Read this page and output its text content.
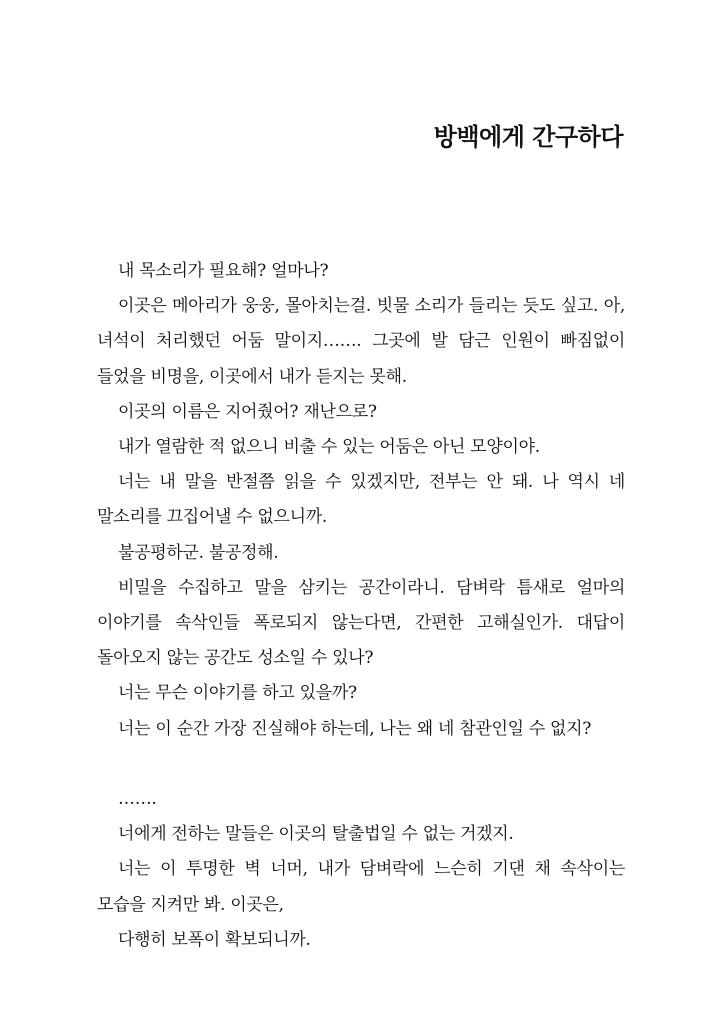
방백에게 간구하다

내 목소리가 필요해? 얼마나?

이곳은 메아리가 웅웅, 몰아치는걸. 빗물 소리가 들리는 듯도 싶고. 아, 녀석이 처리했던 어둠 말이지……. 그곳에 발 담근 인원이 빠짐없이 들었을 비명을, 이곳에서 내가 듣지는 못해.

이곳의 이름은 지어줬어? 재난으로?

내가 열람한 적 없으니 비출 수 있는 어둠은 아닌 모양이야.

너는 내 말을 반절쯤 읽을 수 있겠지만, 전부는 안 돼. 나 역시 네 말소리를 끄집어낼 수 없으니까.

불공평하군. 불공정해.

비밀을 수집하고 말을 삼키는 공간이라니. 담벼락 틈새로 얼마의 이야기를 속삭인들 폭로되지 않는다면, 간편한 고해실인가. 대답이 돌아오지 않는 공간도 성소일 수 있나?

너는 무슨 이야기를 하고 있을까?

너는 이 순간 가장 진실해야 하는데, 나는 왜 네 참관인일 수 없지?

…….

너에게 전하는 말들은 이곳의 탈출법일 수 없는 거겠지.

너는 이 투명한 벽 너머, 내가 담벼락에 느슨히 기댄 채 속삭이는 모습을 지켜만 봐. 이곳은,

다행히 보폭이 확보되니까.
